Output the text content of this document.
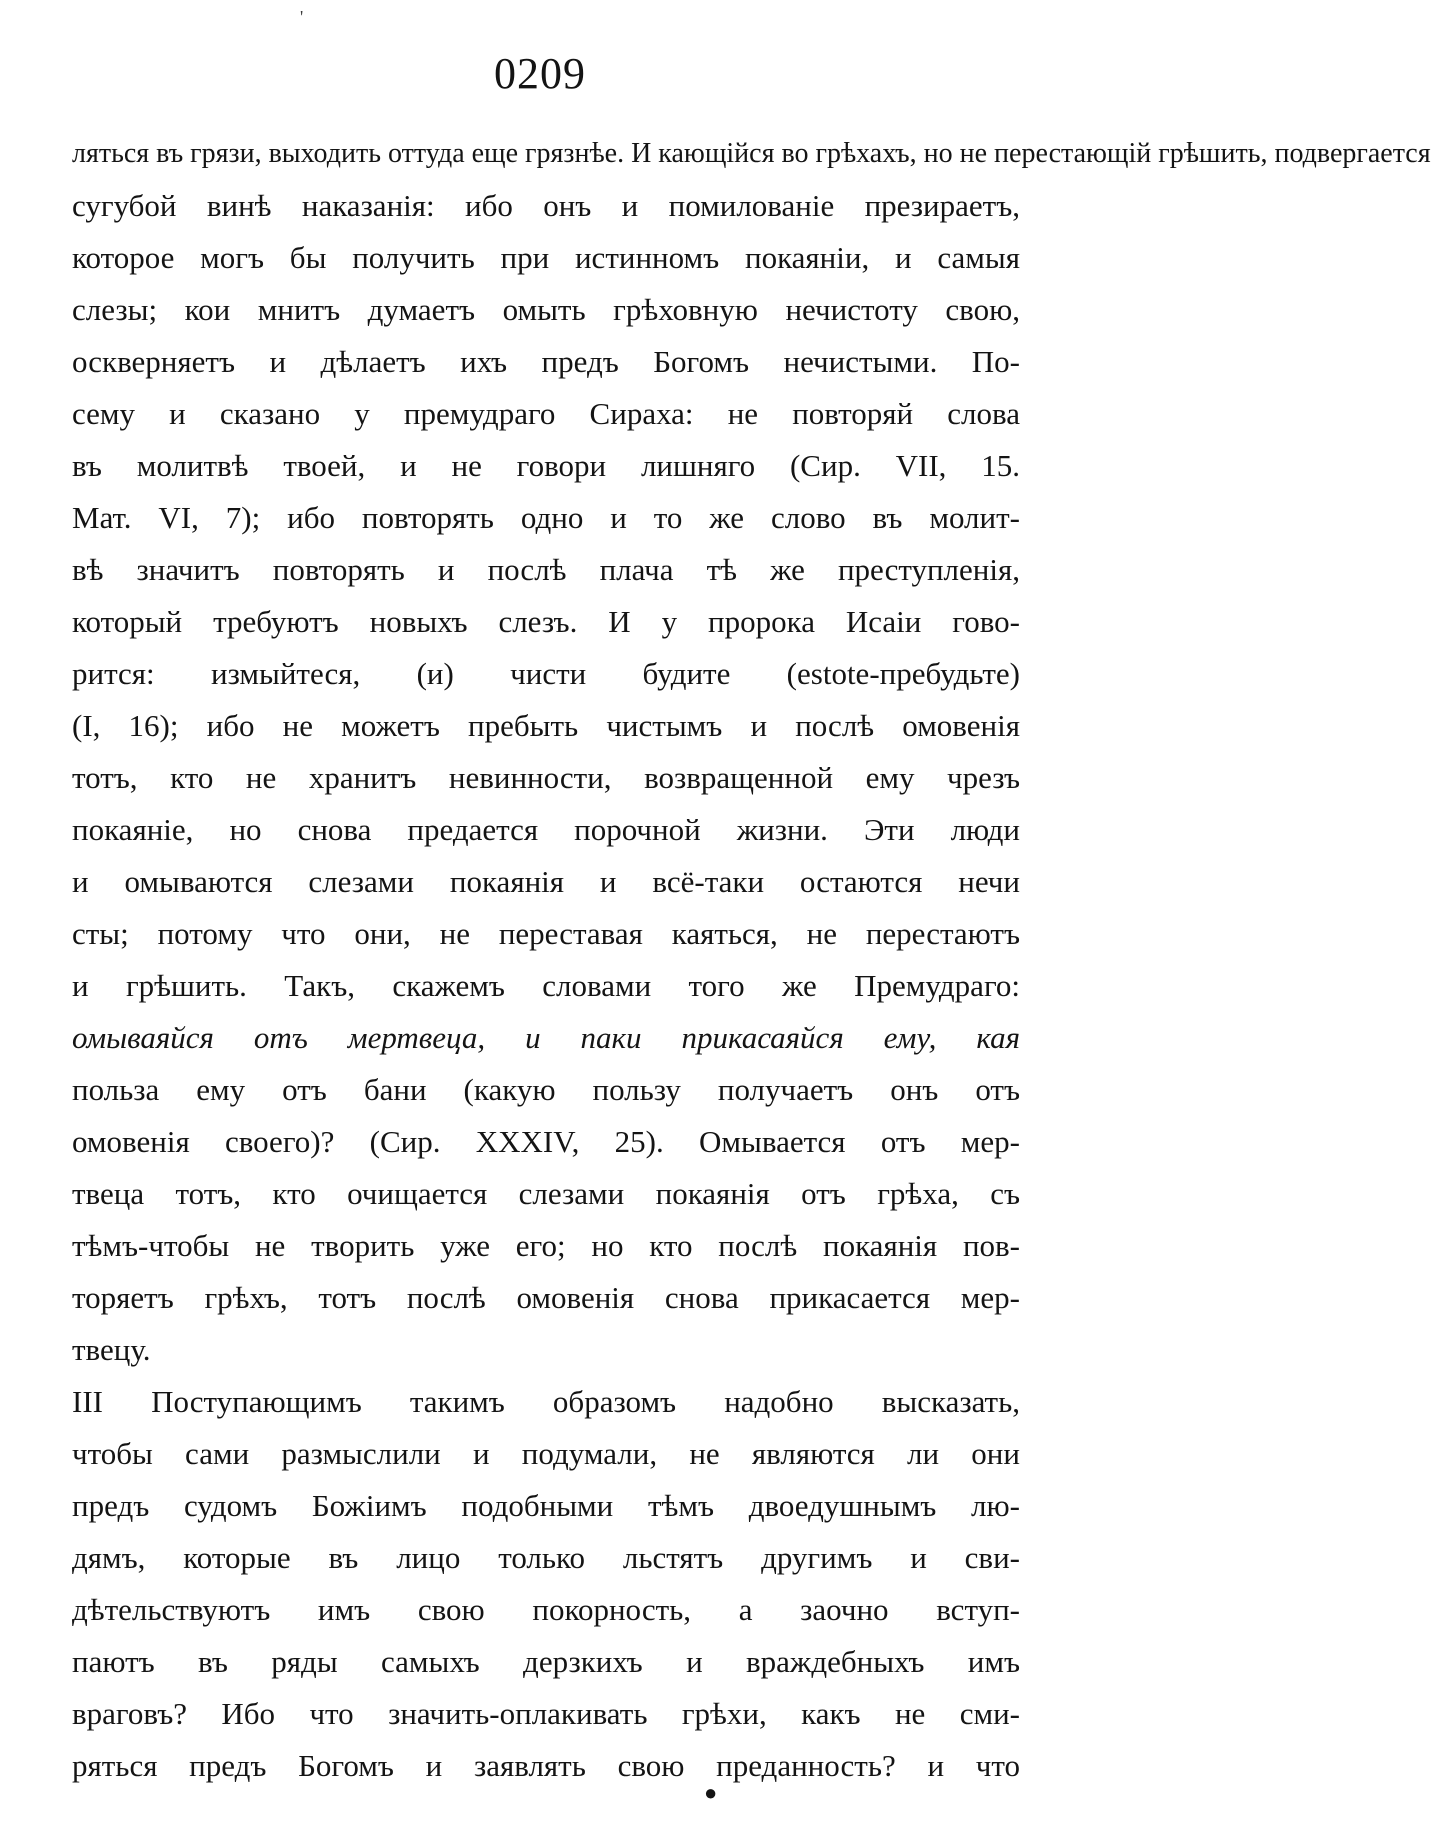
'
0209
ляться въ грязи, выходить оттуда еще грязнѣе. И кающійся во грѣхахъ, но не перестающій грѣшить, подвергается
сугубой винѣ наказанія: ибо онъ и помилованіе презираетъ,
которое могъ бы получить при истинномъ покаяніи, и самыя
слезы; кои мнитъ думаетъ омыть грѣховную нечистоту свою,
оскверняетъ и дѣлаетъ ихъ предъ Богомъ нечистыми. По-
сему и сказано у премудраго Сираха: не повторяй слова
въ молитвѣ твоей, и не говори лишняго (Сир. VII, 15.
Мат. VI, 7); ибо повторять одно и то же слово въ молит-
вѣ значитъ повторять и послѣ плача тѣ же преступленія,
который требуютъ новыхъ слезъ. И у пророка Исаіи гово-
рится: измыйтеся, (и) чисти будите (estote-пребудьте)
(I, 16); ибо не можетъ пребыть чистымъ и послѣ омовенія
тотъ, кто не хранитъ невинности, возвращенной ему чрезъ
покаяніе, но снова предается порочной жизни. Эти люди
и омываются слезами покаянія и всё-таки остаются нечи
сты; потому что они, не переставая каяться, не перестаютъ
и грѣшить. Такъ, скажемъ словами того же Премудраго:
омываяйся отъ мертвеца, и паки прикасаяйся ему, кая
польза ему отъ бани (какую пользу получаетъ онъ отъ
омовенія своего)? (Сир. XXXIV, 25). Омывается отъ мер-
твеца тотъ, кто очищается слезами покаянія отъ грѣха, съ
тѣмъ-чтобы не творить уже его; но кто послѣ покаянія пов-
торяетъ грѣхъ, тотъ послѣ омовенія снова прикасается мер-
твецу.
III Поступающимъ такимъ образомъ надобно высказать,
чтобы сами размыслили и подумали, не являются ли они
предъ судомъ Божіимъ подобными тѣмъ двоедушнымъ лю-
дямъ, которые въ лицо только льстятъ другимъ и сви-
дѣтельствуютъ имъ свою покорность, а заочно вступ-
паютъ въ ряды самыхъ дерзкихъ и враждебныхъ имъ
враговъ? Ибо что значить-оплакивать грѣхи, какъ не сми-
ряться предъ Богомъ и заявлять свою преданность? и что
●
